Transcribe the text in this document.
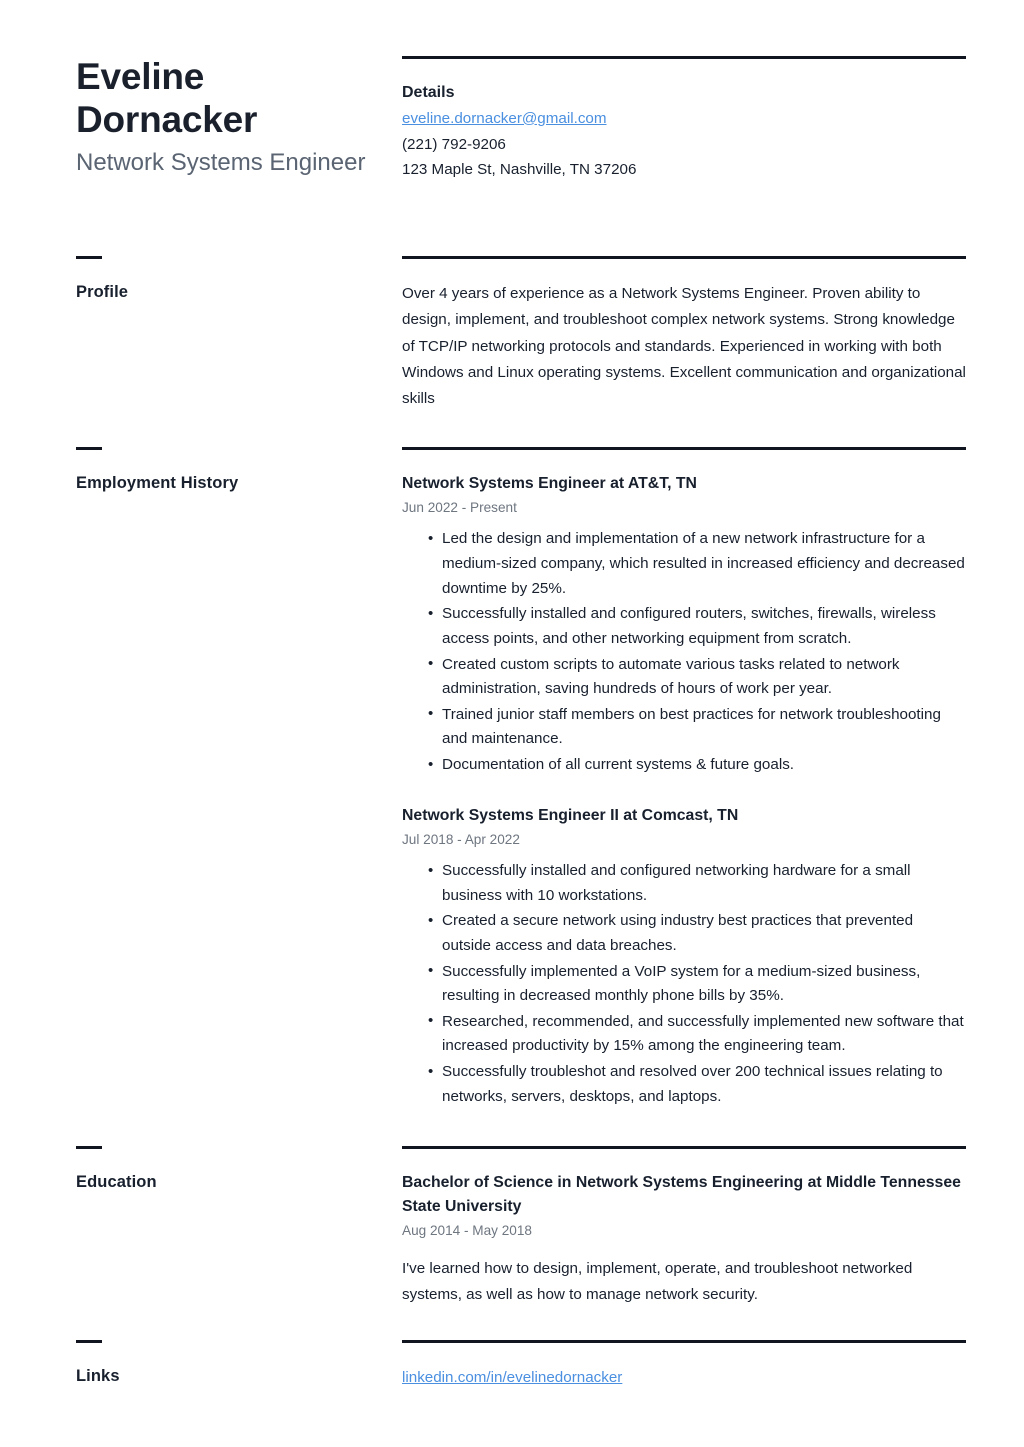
Eveline
Dornacker
Network Systems Engineer
Details
eveline.dornacker@gmail.com
(221) 792-9206
123 Maple St, Nashville, TN 37206
Profile	Over 4 years of experience as a Network Systems Engineer. Proven ability to design, implement, and troubleshoot complex network systems. Strong knowledge of TCP/IP networking protocols and standards. Experienced in working with both Windows and Linux operating systems. Excellent communication and organizational skills
Employment History	Network Systems Engineer at AT&T, TN
Jun 2022 - Present
• Led the design and implementation of a new network infrastructure for a medium-sized company, which resulted in increased efficiency and decreased downtime by 25%.
• Successfully installed and configured routers, switches, firewalls, wireless access points, and other networking equipment from scratch.
• Created custom scripts to automate various tasks related to network administration, saving hundreds of hours of work per year.
• Trained junior staff members on best practices for network troubleshooting and maintenance.
• Documentation of all current systems & future goals.
Network Systems Engineer II at Comcast, TN
Jul 2018 - Apr 2022
• Successfully installed and configured networking hardware for a small business with 10 workstations.
• Created a secure network using industry best practices that prevented outside access and data breaches.
• Successfully implemented a VoIP system for a medium-sized business, resulting in decreased monthly phone bills by 35%.
• Researched, recommended, and successfully implemented new software that increased productivity by 15% among the engineering team.
• Successfully troubleshot and resolved over 200 technical issues relating to networks, servers, desktops, and laptops.
Education	Bachelor of Science in Network Systems Engineering at Middle Tennessee State University
Aug 2014 - May 2018
I've learned how to design, implement, operate, and troubleshoot networked systems, as well as how to manage network security.
Links	linkedin.com/in/evelinedornacker
